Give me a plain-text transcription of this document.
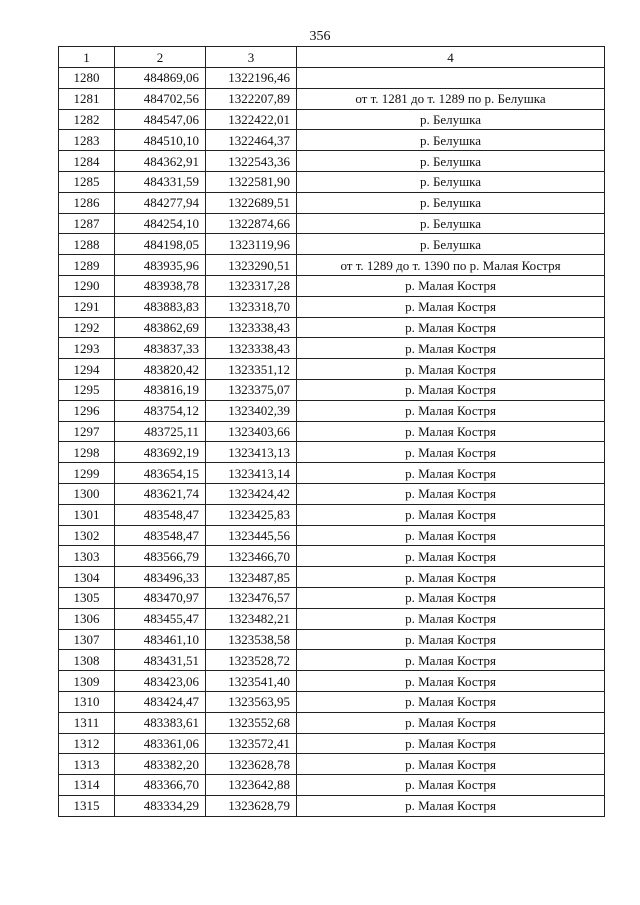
356
1	2	3	4
1280	484869,06	1322196,46	
1281	484702,56	1322207,89	от т. 1281 до т. 1289 по р. Белушка
1282	484547,06	1322422,01	р. Белушка
1283	484510,10	1322464,37	р. Белушка
1284	484362,91	1322543,36	р. Белушка
1285	484331,59	1322581,90	р. Белушка
1286	484277,94	1322689,51	р. Белушка
1287	484254,10	1322874,66	р. Белушка
1288	484198,05	1323119,96	р. Белушка
1289	483935,96	1323290,51	от т. 1289 до т. 1390 по р. Малая Костря
1290	483938,78	1323317,28	р. Малая Костря
1291	483883,83	1323318,70	р. Малая Костря
1292	483862,69	1323338,43	р. Малая Костря
1293	483837,33	1323338,43	р. Малая Костря
1294	483820,42	1323351,12	р. Малая Костря
1295	483816,19	1323375,07	р. Малая Костря
1296	483754,12	1323402,39	р. Малая Костря
1297	483725,11	1323403,66	р. Малая Костря
1298	483692,19	1323413,13	р. Малая Костря
1299	483654,15	1323413,14	р. Малая Костря
1300	483621,74	1323424,42	р. Малая Костря
1301	483548,47	1323425,83	р. Малая Костря
1302	483548,47	1323445,56	р. Малая Костря
1303	483566,79	1323466,70	р. Малая Костря
1304	483496,33	1323487,85	р. Малая Костря
1305	483470,97	1323476,57	р. Малая Костря
1306	483455,47	1323482,21	р. Малая Костря
1307	483461,10	1323538,58	р. Малая Костря
1308	483431,51	1323528,72	р. Малая Костря
1309	483423,06	1323541,40	р. Малая Костря
1310	483424,47	1323563,95	р. Малая Костря
1311	483383,61	1323552,68	р. Малая Костря
1312	483361,06	1323572,41	р. Малая Костря
1313	483382,20	1323628,78	р. Малая Костря
1314	483366,70	1323642,88	р. Малая Костря
1315	483334,29	1323628,79	р. Малая Костря
